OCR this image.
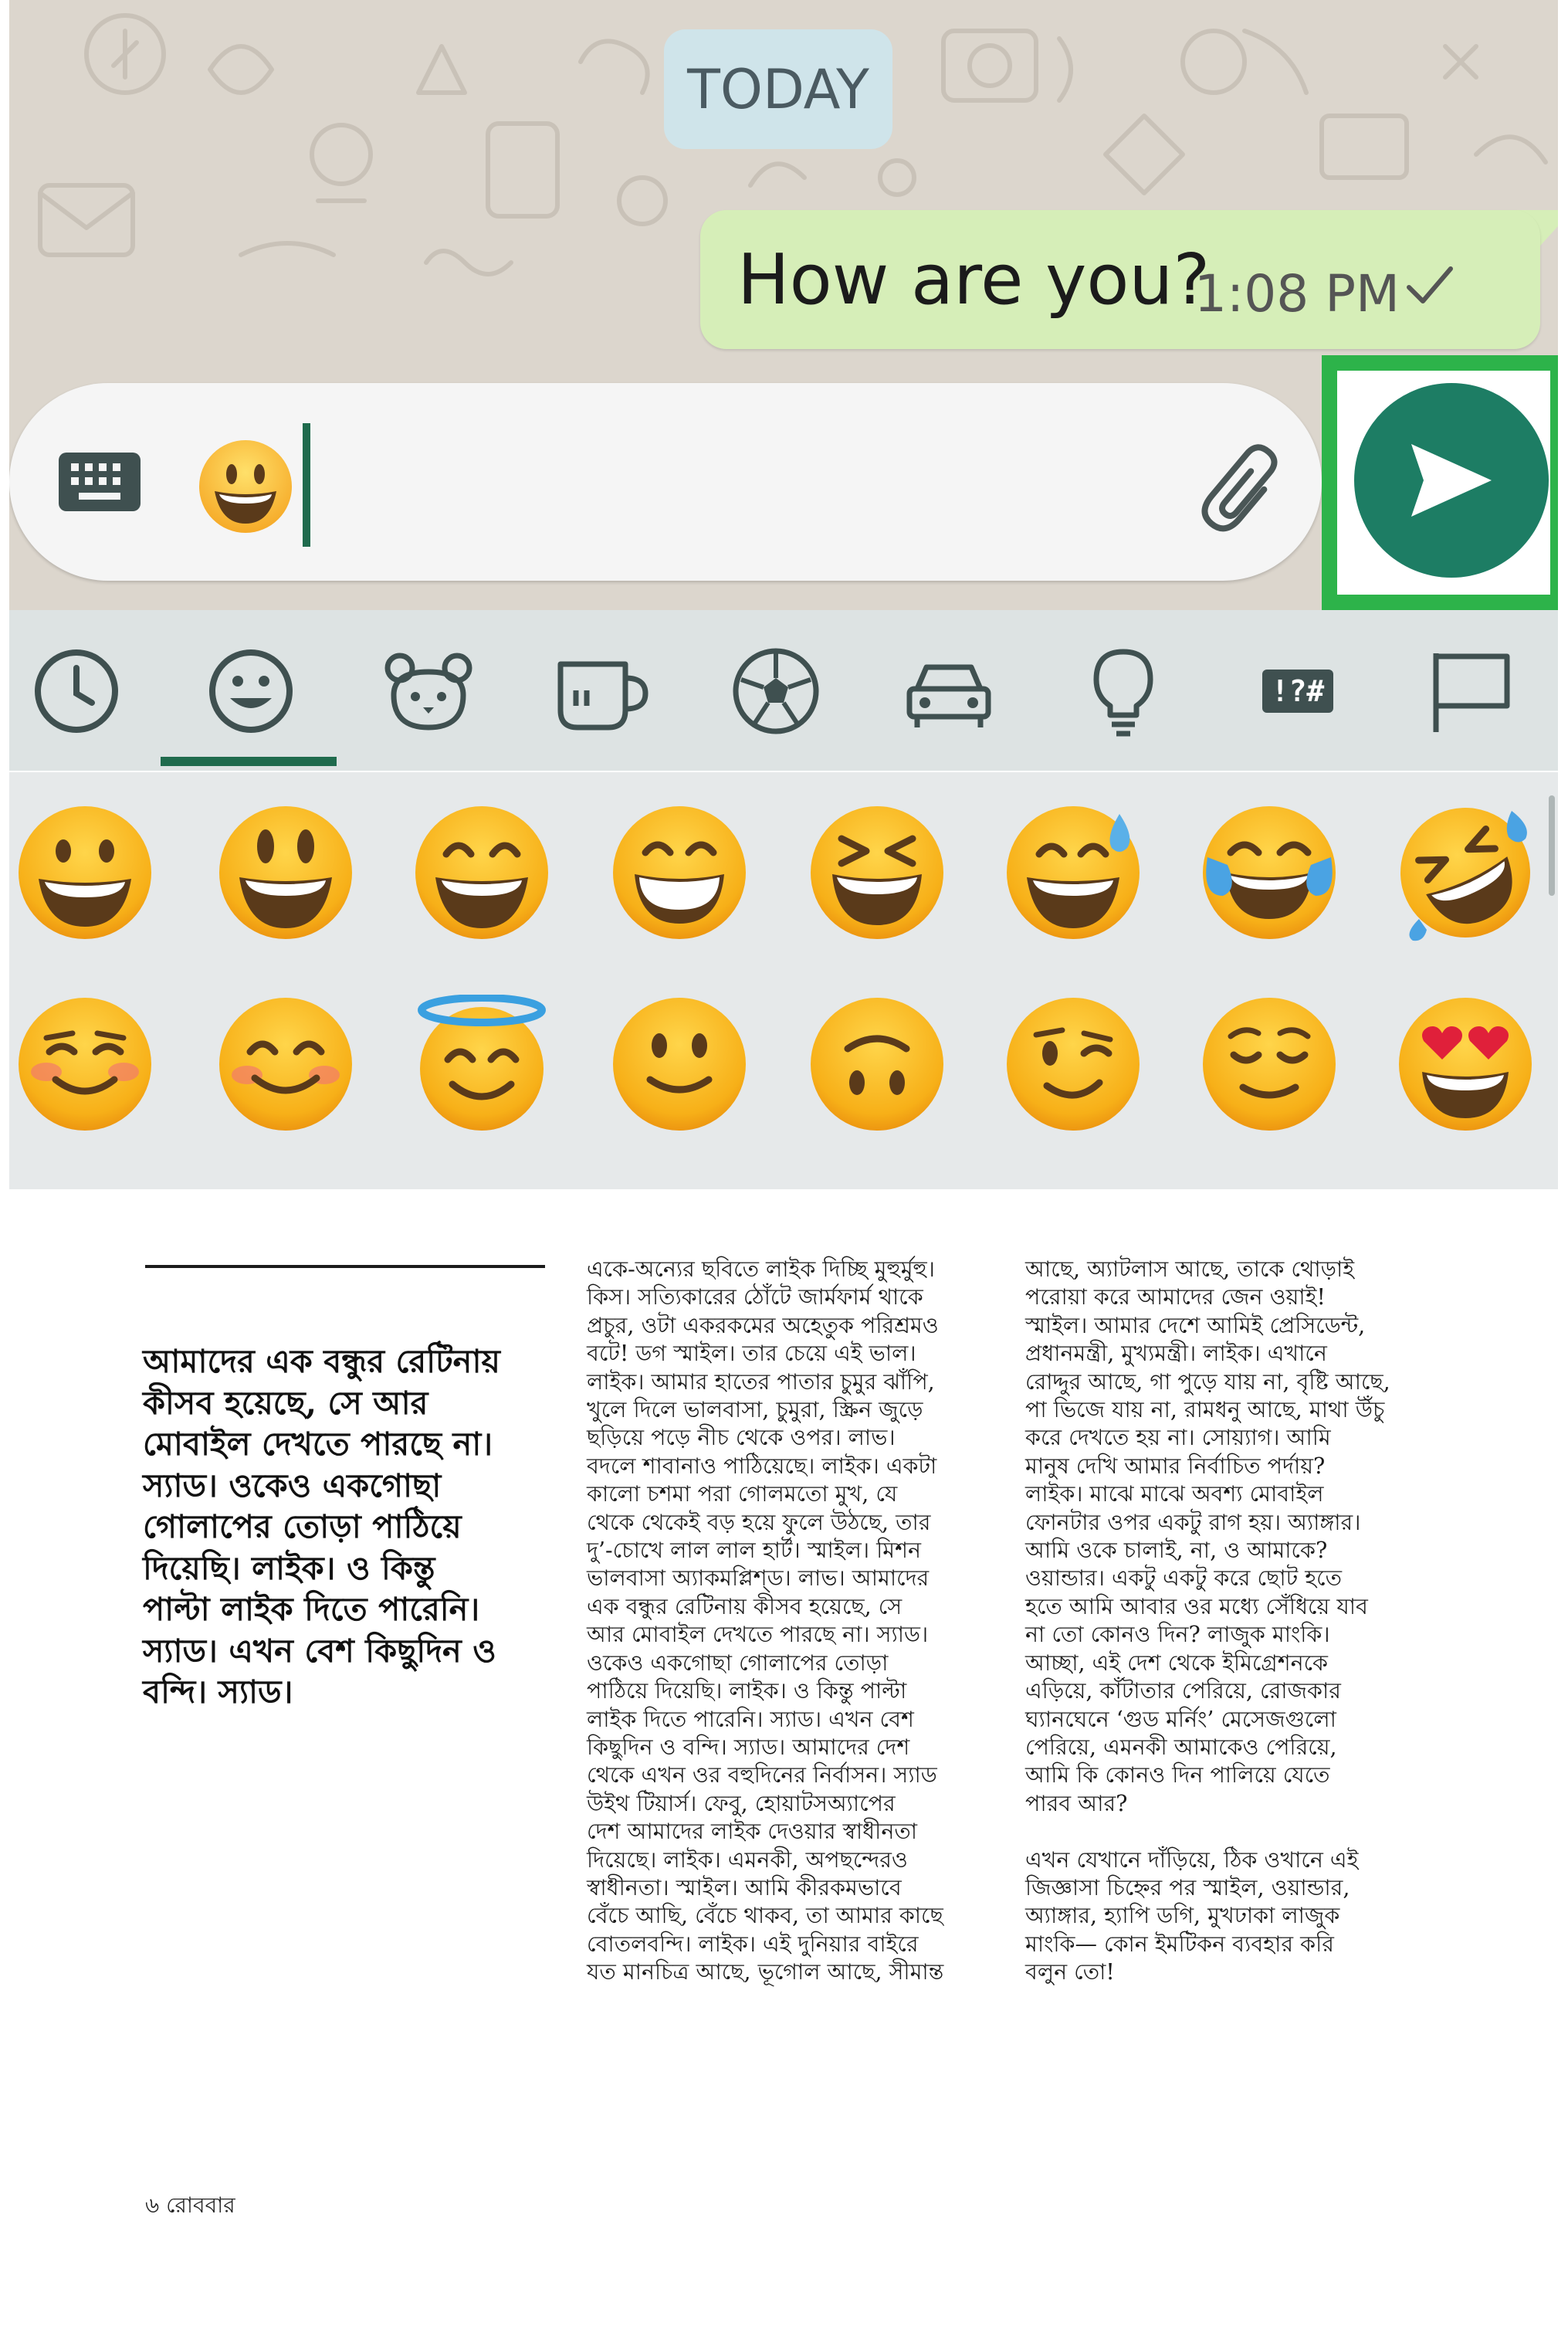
TODAY
How are you?
1:08 PM
!?#
আমাদের এক বন্ধুর রেটিনায়
কীসব হয়েছে, সে আর
মোবাইল দেখতে পারছে না।
স্যাড। ওকেও একগোছা
গোলাপের তোড়া পাঠিয়ে
দিয়েছি। লাইক। ও কিন্তু
পাল্টা লাইক দিতে পারেনি।
স্যাড। এখন বেশ কিছুদিন ও
বন্দি। স্যাড।
একে-অন্যের ছবিতে লাইক দিচ্ছি মুহুর্মুহু।
কিস। সত্যিকারের ঠোঁটে জার্মফার্ম থাকে
প্রচুর, ওটা একরকমের অহেতুক পরিশ্রমও
বটে! ডগ স্মাইল। তার চেয়ে এই ভাল।
লাইক। আমার হাতের পাতার চুমুর ঝাঁপি,
খুলে দিলে ভালবাসা, চুমুরা, স্ক্রিন জুড়ে
ছড়িয়ে পড়ে নীচ থেকে ওপর। লাভ।
বদলে শাবানাও পাঠিয়েছে। লাইক। একটা
কালো চশমা পরা গোলমতো মুখ, যে
থেকে থেকেই বড় হয়ে ফুলে উঠছে, তার
দু’-চোখে লাল লাল হার্ট। স্মাইল। মিশন
ভালবাসা অ্যাকমপ্লিশ্‌ড। লাভ। আমাদের
এক বন্ধুর রেটিনায় কীসব হয়েছে, সে
আর মোবাইল দেখতে পারছে না। স্যাড।
ওকেও একগোছা গোলাপের তোড়া
পাঠিয়ে দিয়েছি। লাইক। ও কিন্তু পাল্টা
লাইক দিতে পারেনি। স্যাড। এখন বেশ
কিছুদিন ও বন্দি। স্যাড। আমাদের দেশ
থেকে এখন ওর বহুদিনের নির্বাসন। স্যাড
উইথ টিয়ার্স। ফেবু, হোয়াটসঅ্যাপের
দেশ আমাদের লাইক দেওয়ার স্বাধীনতা
দিয়েছে। লাইক। এমনকী, অপছন্দেরও
স্বাধীনতা। স্মাইল। আমি কীরকমভাবে
বেঁচে আছি, বেঁচে থাকব, তা আমার কাছে
বোতলবন্দি। লাইক। এই দুনিয়ার বাইরে
যত মানচিত্র আছে, ভূগোল আছে, সীমান্ত
আছে, অ্যাটলাস আছে, তাকে থোড়াই
পরোয়া করে আমাদের জেন ওয়াই!
স্মাইল। আমার দেশে আমিই প্রেসিডেন্ট,
প্রধানমন্ত্রী, মুখ্যমন্ত্রী। লাইক। এখানে
রোদ্দুর আছে, গা পুড়ে যায় না, বৃষ্টি আছে,
পা ভিজে যায় না, রামধনু আছে, মাথা উঁচু
করে দেখতে হয় না। সোয়্যাগ। আমি
মানুষ দেখি আমার নির্বাচিত পর্দায়?
লাইক। মাঝে মাঝে অবশ্য মোবাইল
ফোনটার ওপর একটু রাগ হয়। অ্যাঙ্গার।
আমি ওকে চালাই, না, ও আমাকে?
ওয়ান্ডার। একটু একটু করে ছোট হতে
হতে আমি আবার ওর মধ্যে সেঁধিয়ে যাব
না তো কোনও দিন? লাজুক মাংকি।
আচ্ছা, এই দেশ থেকে ইমিগ্রেশনকে
এড়িয়ে, কাঁটাতার পেরিয়ে, রোজকার
ঘ্যানঘেনে ‘গুড মর্নিং’ মেসেজগুলো
পেরিয়ে, এমনকী আমাকেও পেরিয়ে,
আমি কি কোনও দিন পালিয়ে যেতে
পারব আর?

এখন যেখানে দাঁড়িয়ে, ঠিক ওখানে এই
জিজ্ঞাসা চিহ্নের পর স্মাইল, ওয়ান্ডার,
অ্যাঙ্গার, হ্যাপি ডগি, মুখঢাকা লাজুক
মাংকি— কোন ইমটিকন ব্যবহার করি
বলুন তো!
৬ রোববার
